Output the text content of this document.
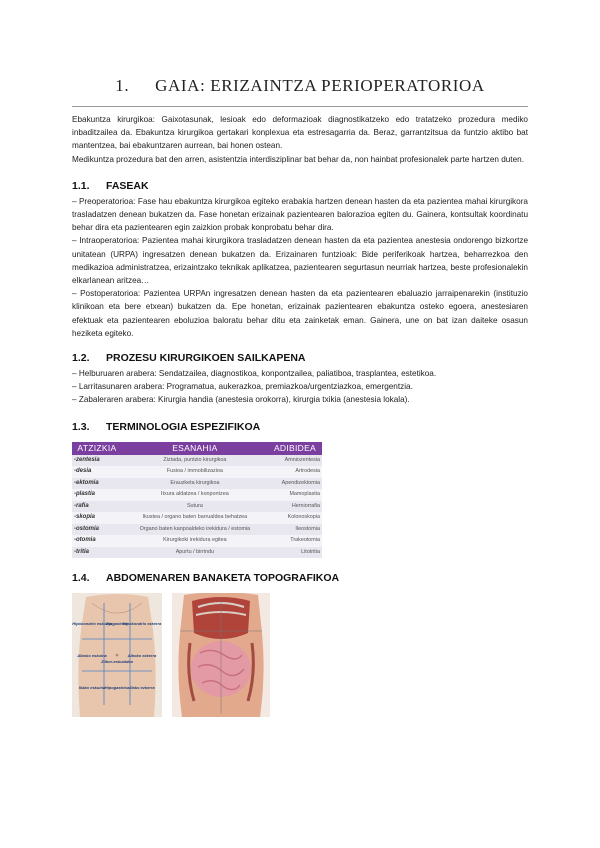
1. GAIA: ERIZAINTZA PERIOPERATORIOA

Ebakuntza kirurgikoa: Gaixotasunak, lesioak edo deformazioak diagnostikatzeko edo tratatzeko prozedura mediko inbaditzailea da. Ebakuntza kirurgikoa gertakari konplexua eta estresagarria da. Beraz, garrantzitsua da funtzio aktibo bat mantentzea, bai ebakuntzaren aurrean, bai honen ostean.

Medikuntza prozedura bat den arren, asistentzia interdisziplinar bat behar da, non hainbat profesionalek parte hartzen duten.

1.1. FASEAK

– Preoperatorioa: Fase hau ebakuntza kirurgikoa egiteko erabakia hartzen denean hasten da eta pazientea mahai kirurgikora trasladatzen denean bukatzen da. Fase honetan erizainak pazientearen balorazioa egiten du. Gainera, kontsultak koordinatu behar dira eta pazientearen egin zaizkion probak konprobatu behar dira.

– Intraoperatorioa: Pazientea mahai kirurgikora trasladatzen denean hasten da eta pazientea anestesia ondorengo bizkortze unitatean (URPA) ingresatzen denean bukatzen da. Erizainaren funtzioak: Bide periferikoak hartzea, beharrezkoa den medikazioa administratzea, erizaintzako teknikak aplikatzea, pazientearen segurtasun neurriak hartzea, beste profesionalekin elkarlanean aritzea…

– Postoperatorioa: Pazientea URPAn ingresatzen denean hasten da eta pazientearen ebaluazio jarraipenarekin (instituzio klinikoan eta bere etxean) bukatzen da. Epe honetan, erizainak pazientearen ebakuntza osteko egoera, anestesiaren efektuak eta pazientearen eboluzioa baloratu behar ditu eta zainketak eman. Gainera, une on bat izan daiteke osasun heziketa egiteko.

1.2. PROZESU KIRURGIKOEN SAILKAPENA

– Helburuaren arabera: Sendatzailea, diagnostikoa, konpontzailea, paliatiboa, trasplantea, estetikoa.

– Larritasunaren arabera: Programatua, aukerazkoa, premiazkoa/urgentziazkoa, emergentzia.

– Zabaleraren arabera: Kirurgia handia (anestesia orokorra), kirurgia txikia (anestesia lokala).

1.3. TERMINOLOGIA ESPEZIFIKOA
ATZIZKIA	ESANAHIA	ADIBIDEA
-zentesia	Ziztada, puntzio kirurgikoa	Amniozentesia
-desia	Fusioa / immobilizazioa	Artrodesia
-ektomia	Erauzketa kirurgikoa	Apendizektomia
-plastia	Itxura aldatzea / konpontzea	Mamoplastia
-rafia	Sutura	Herniorrafia
-skopia	Ikustea / organo baten barrualdea behatzea	Kolonoskopia
-ostomia	Organo baten kanpoaldeko irekidura / estomia	Ileostomia
-otomia	Kirurgikoki irekidura egitea	Trakeotomia
-tritia	Apurtu / birrindu	Litotritia
1.4. ABDOMENAREN BANAKETA TOPOGRAFIKOA
Hipokondrio eskuina
Epigastrioa
Hipokondrio ezkerra
Alboko eskuina
Zilbor-eskualdea
Alboko ezkerra
Iliako eskuina Hipogastrioa Iliako ezkerra
